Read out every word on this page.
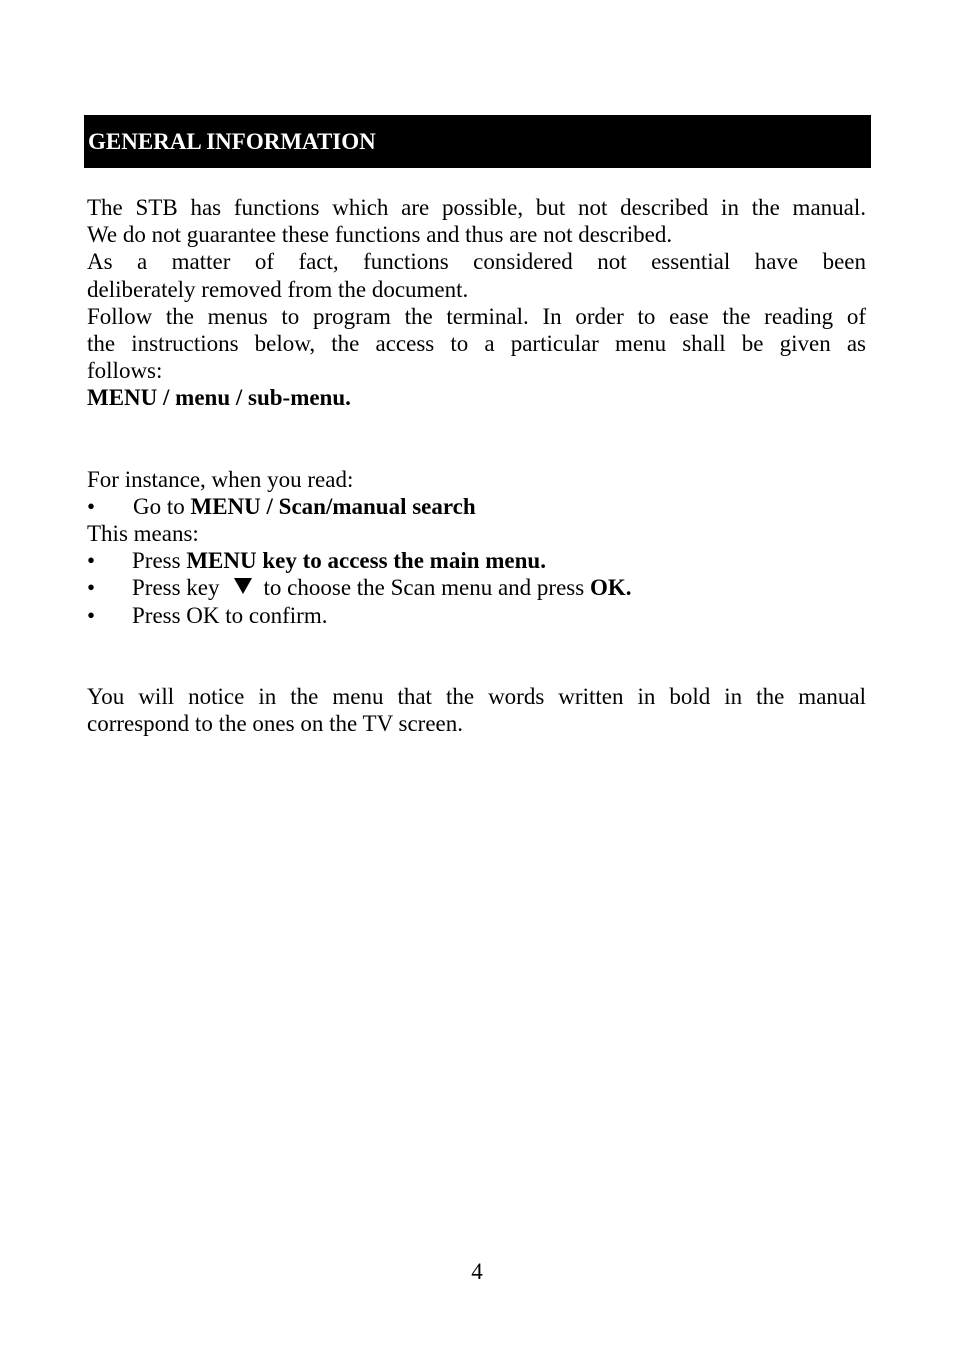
GENERAL INFORMATION

The STB has functions which are possible, but not described in the manual.

We do not guarantee these functions and thus are not described.

As a matter of fact, functions considered not essential have been

deliberately removed from the document.

Follow the menus to program the terminal. In order to ease the reading of

the instructions below, the access to a particular menu shall be given as

follows:

MENU / menu / sub-menu.

For instance, when you read:

•	Go to MENU / Scan/manual search

This means:

•	Press MENU key to access the main menu.
•	Press key to choose the Scan menu and press OK.
•	Press OK to confirm.

You will notice in the menu that the words written in bold in the manual

correspond to the ones on the TV screen.

4
